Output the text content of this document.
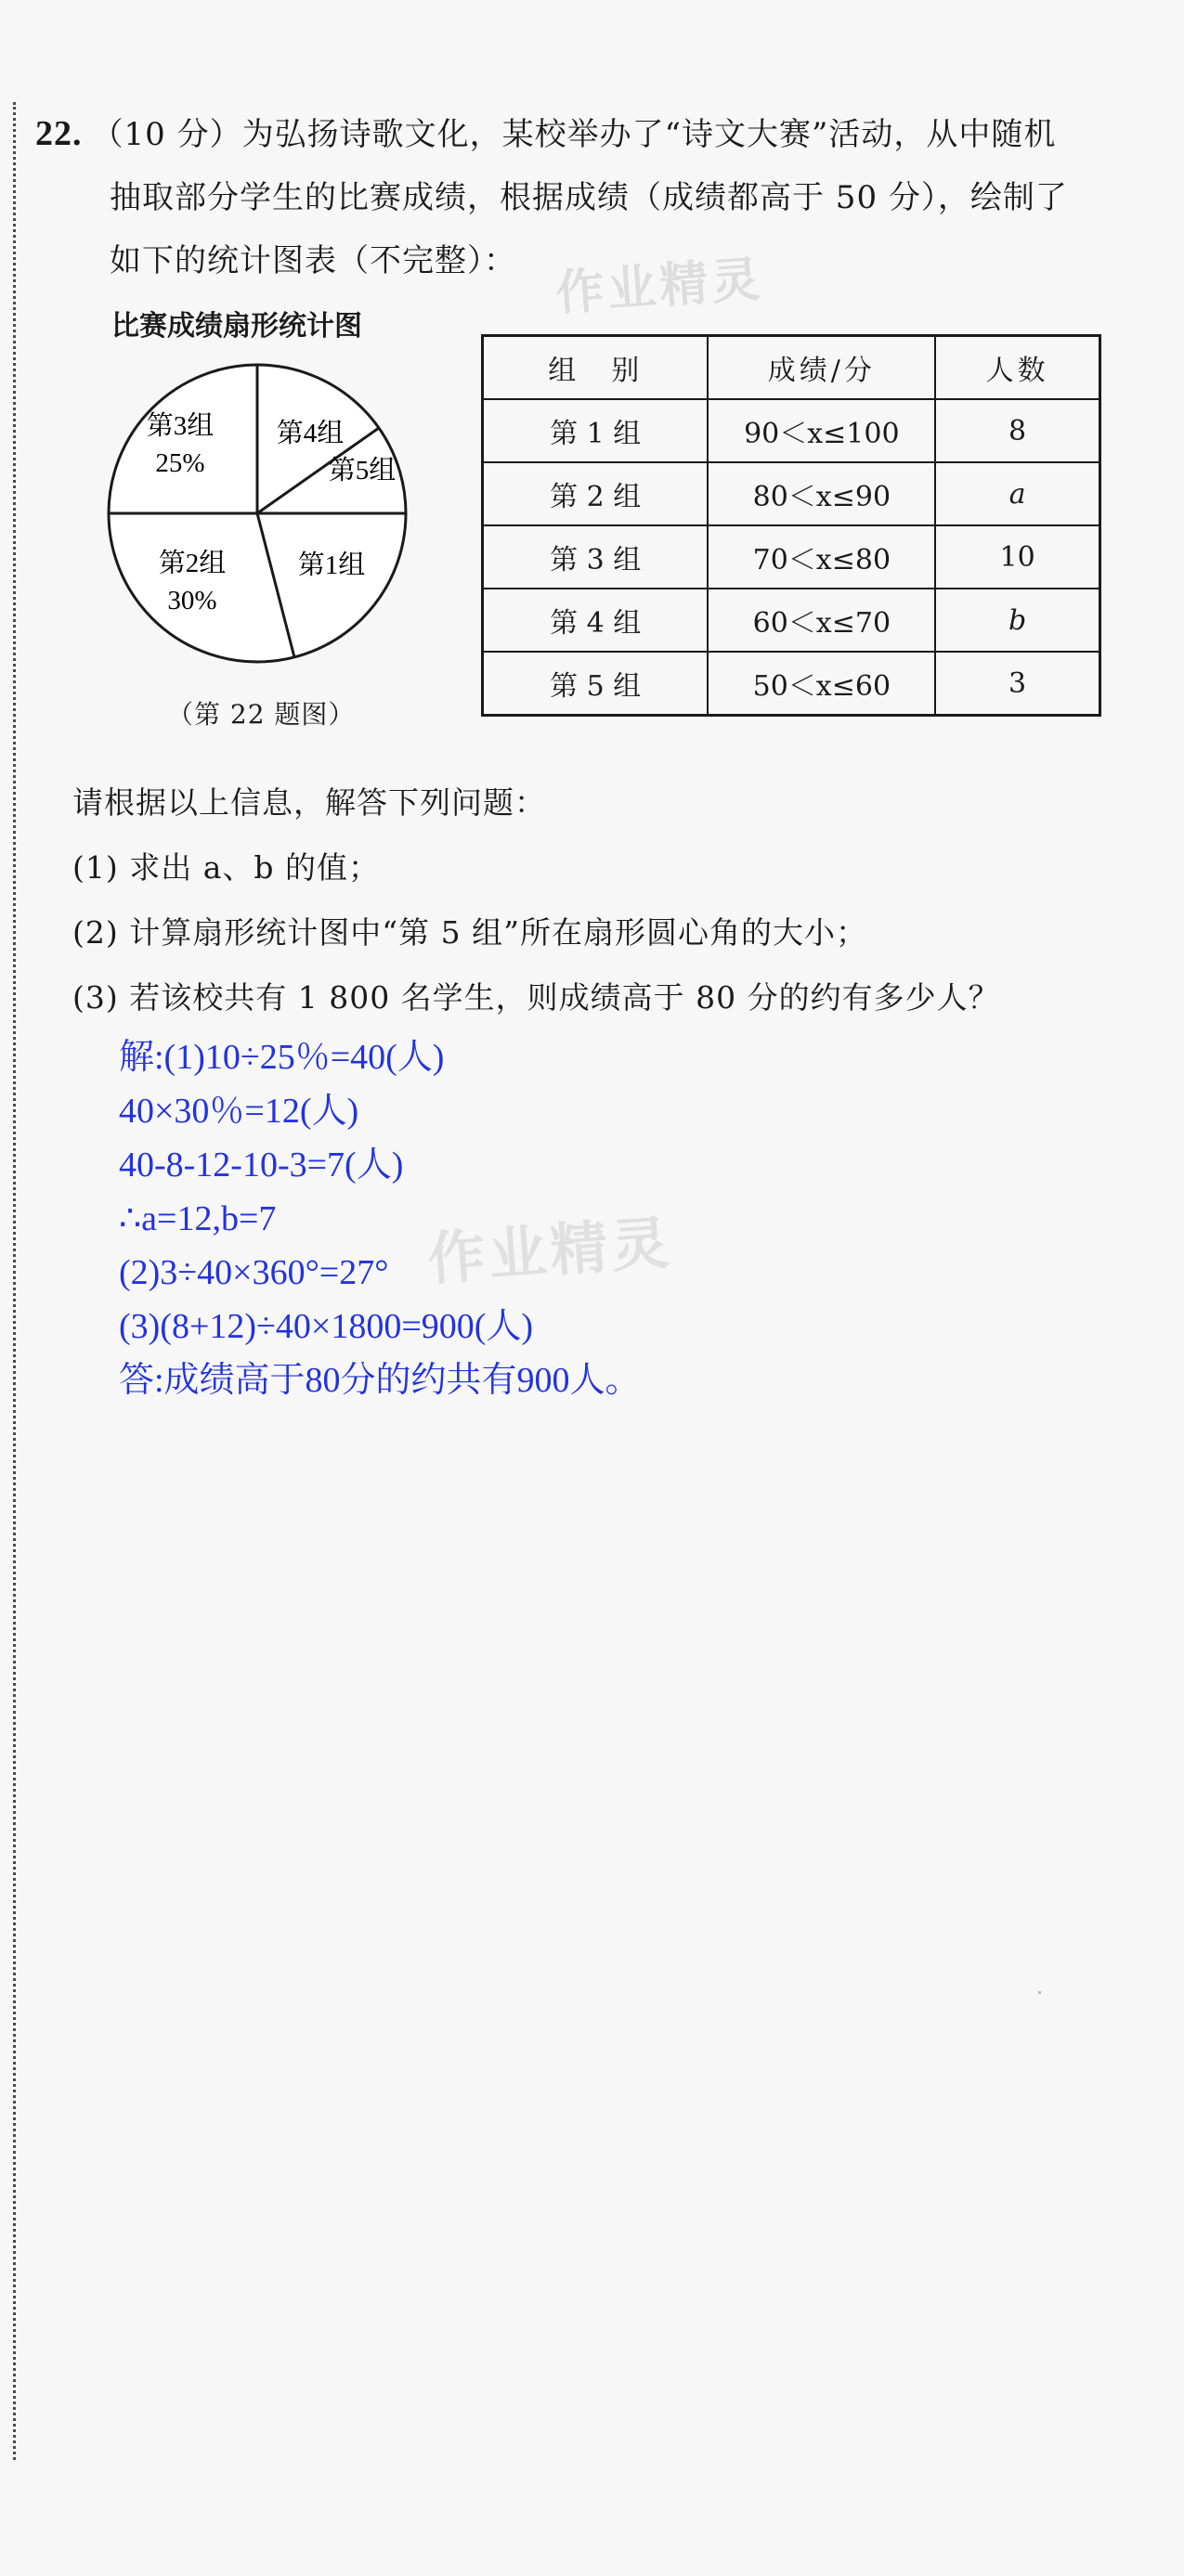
22. （10 分）为弘扬诗歌文化，某校举办了“诗文大赛”活动，从中随机
抽取部分学生的比赛成绩，根据成绩（成绩都高于 50 分），绘制了
如下的统计图表（不完整）： 作业精灵
比赛成绩扇形统计图
第3组
25%
第4组
第5组
第2组
30%
第1组
（第 22 题图）
组　别	成绩/分	人数
第 1 组	90＜x≤100	8
第 2 组	80＜x≤90	a
第 3 组	70＜x≤80	10
第 4 组	60＜x≤70	b
第 5 组	50＜x≤60	3
请根据以上信息，解答下列问题：
(1) 求出 a、b 的值；
(2) 计算扇形统计图中“第 5 组”所在扇形圆心角的大小；
(3) 若该校共有 1 800 名学生，则成绩高于 80 分的约有多少人？
作业精灵
解:(1)10÷25％=40(人)
40×30％=12(人)
40-8-12-10-3=7(人)
∴a=12,b=7
(2)3÷40×360°=27°
(3)(8+12)÷40×1800=900(人)
答:成绩高于80分的约共有900人。
